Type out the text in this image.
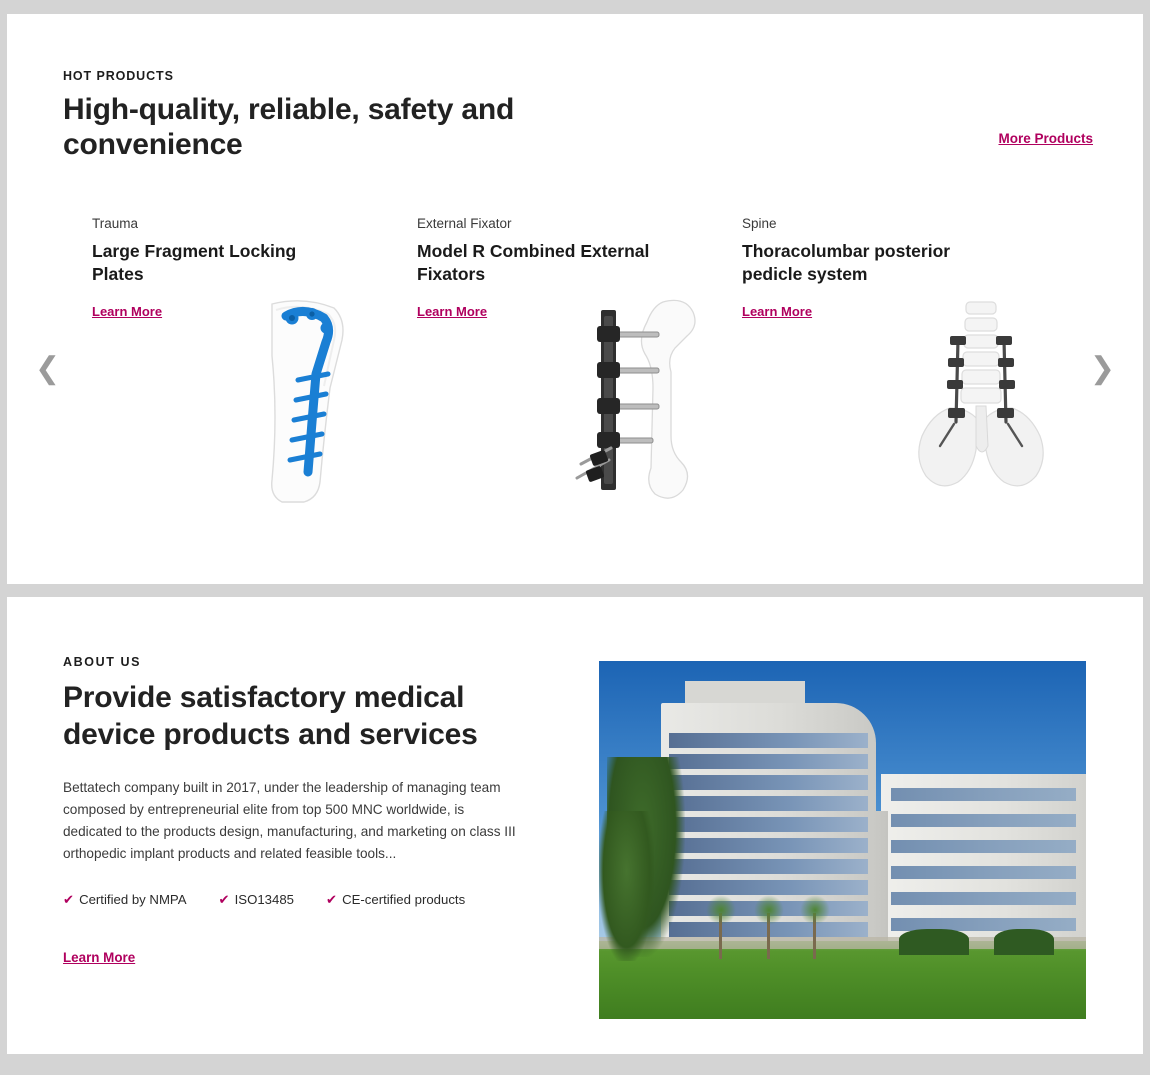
HOT PRODUCTS

High-quality, reliable, safety and convenience	More Products

Trauma

Large Fragment Locking Plates
Learn More

External Fixator

Model R Combined External Fixators
Learn More

Spine

Thoracolumbar posterior pedicle system
Learn More
❮	❯

ABOUT US

Provide satisfactory medical device products and services

Bettatech company built in 2017, under the leadership of managing team composed by entrepreneurial elite from top 500 MNC worldwide, is dedicated to the products design, manufacturing, and marketing on class III orthopedic implant products and related feasible tools...

✔ Certified by NMPA ✔ ISO13485 ✔ CE-certified products
Learn More
